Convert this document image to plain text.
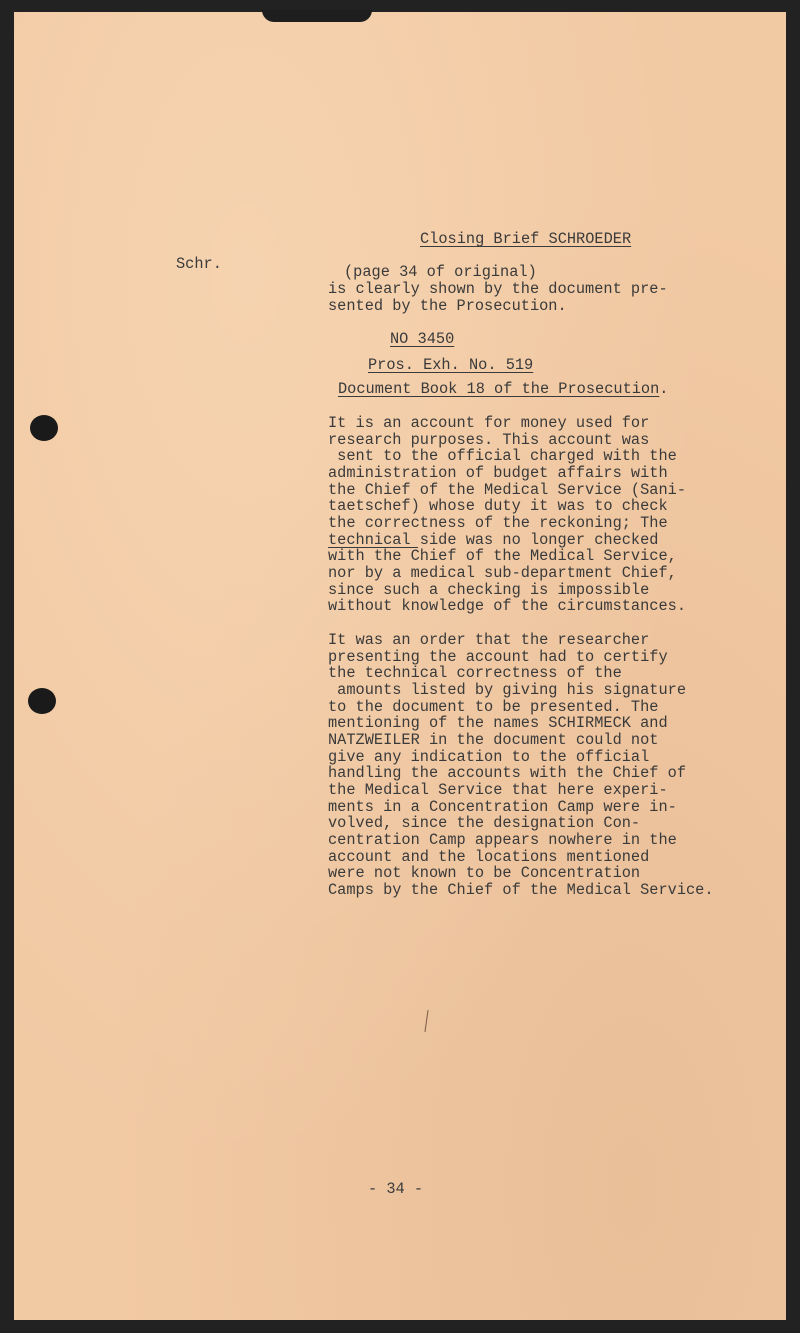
Schr.
Closing Brief SCHROEDER
(page 34 of original)
is clearly shown by the document pre-
sented by the Prosecution.
NO 3450
Pros. Exh. No. 519
Document Book 18 of the Prosecution.
It is an account for money used for
research purposes. This account was
sent to the official charged with the
administration of budget affairs with
the Chief of the Medical Service (Sani-
taetschef) whose duty it was to check
the correctness of the reckoning; The
technical side was no longer checked
with the Chief of the Medical Service,
nor by a medical sub-department Chief,
since such a checking is impossible
without knowledge of the circumstances.
It was an order that the researcher
presenting the account had to certify
the technical correctness of the
amounts listed by giving his signature
to the document to be presented. The
mentioning of the names SCHIRMECK and
NATZWEILER in the document could not
give any indication to the official
handling the accounts with the Chief of
the Medical Service that here experi-
ments in a Concentration Camp were in-
volved, since the designation Con-
centration Camp appears nowhere in the
account and the locations mentioned
were not known to be Concentration
Camps by the Chief of the Medical Service.
- 34 -
